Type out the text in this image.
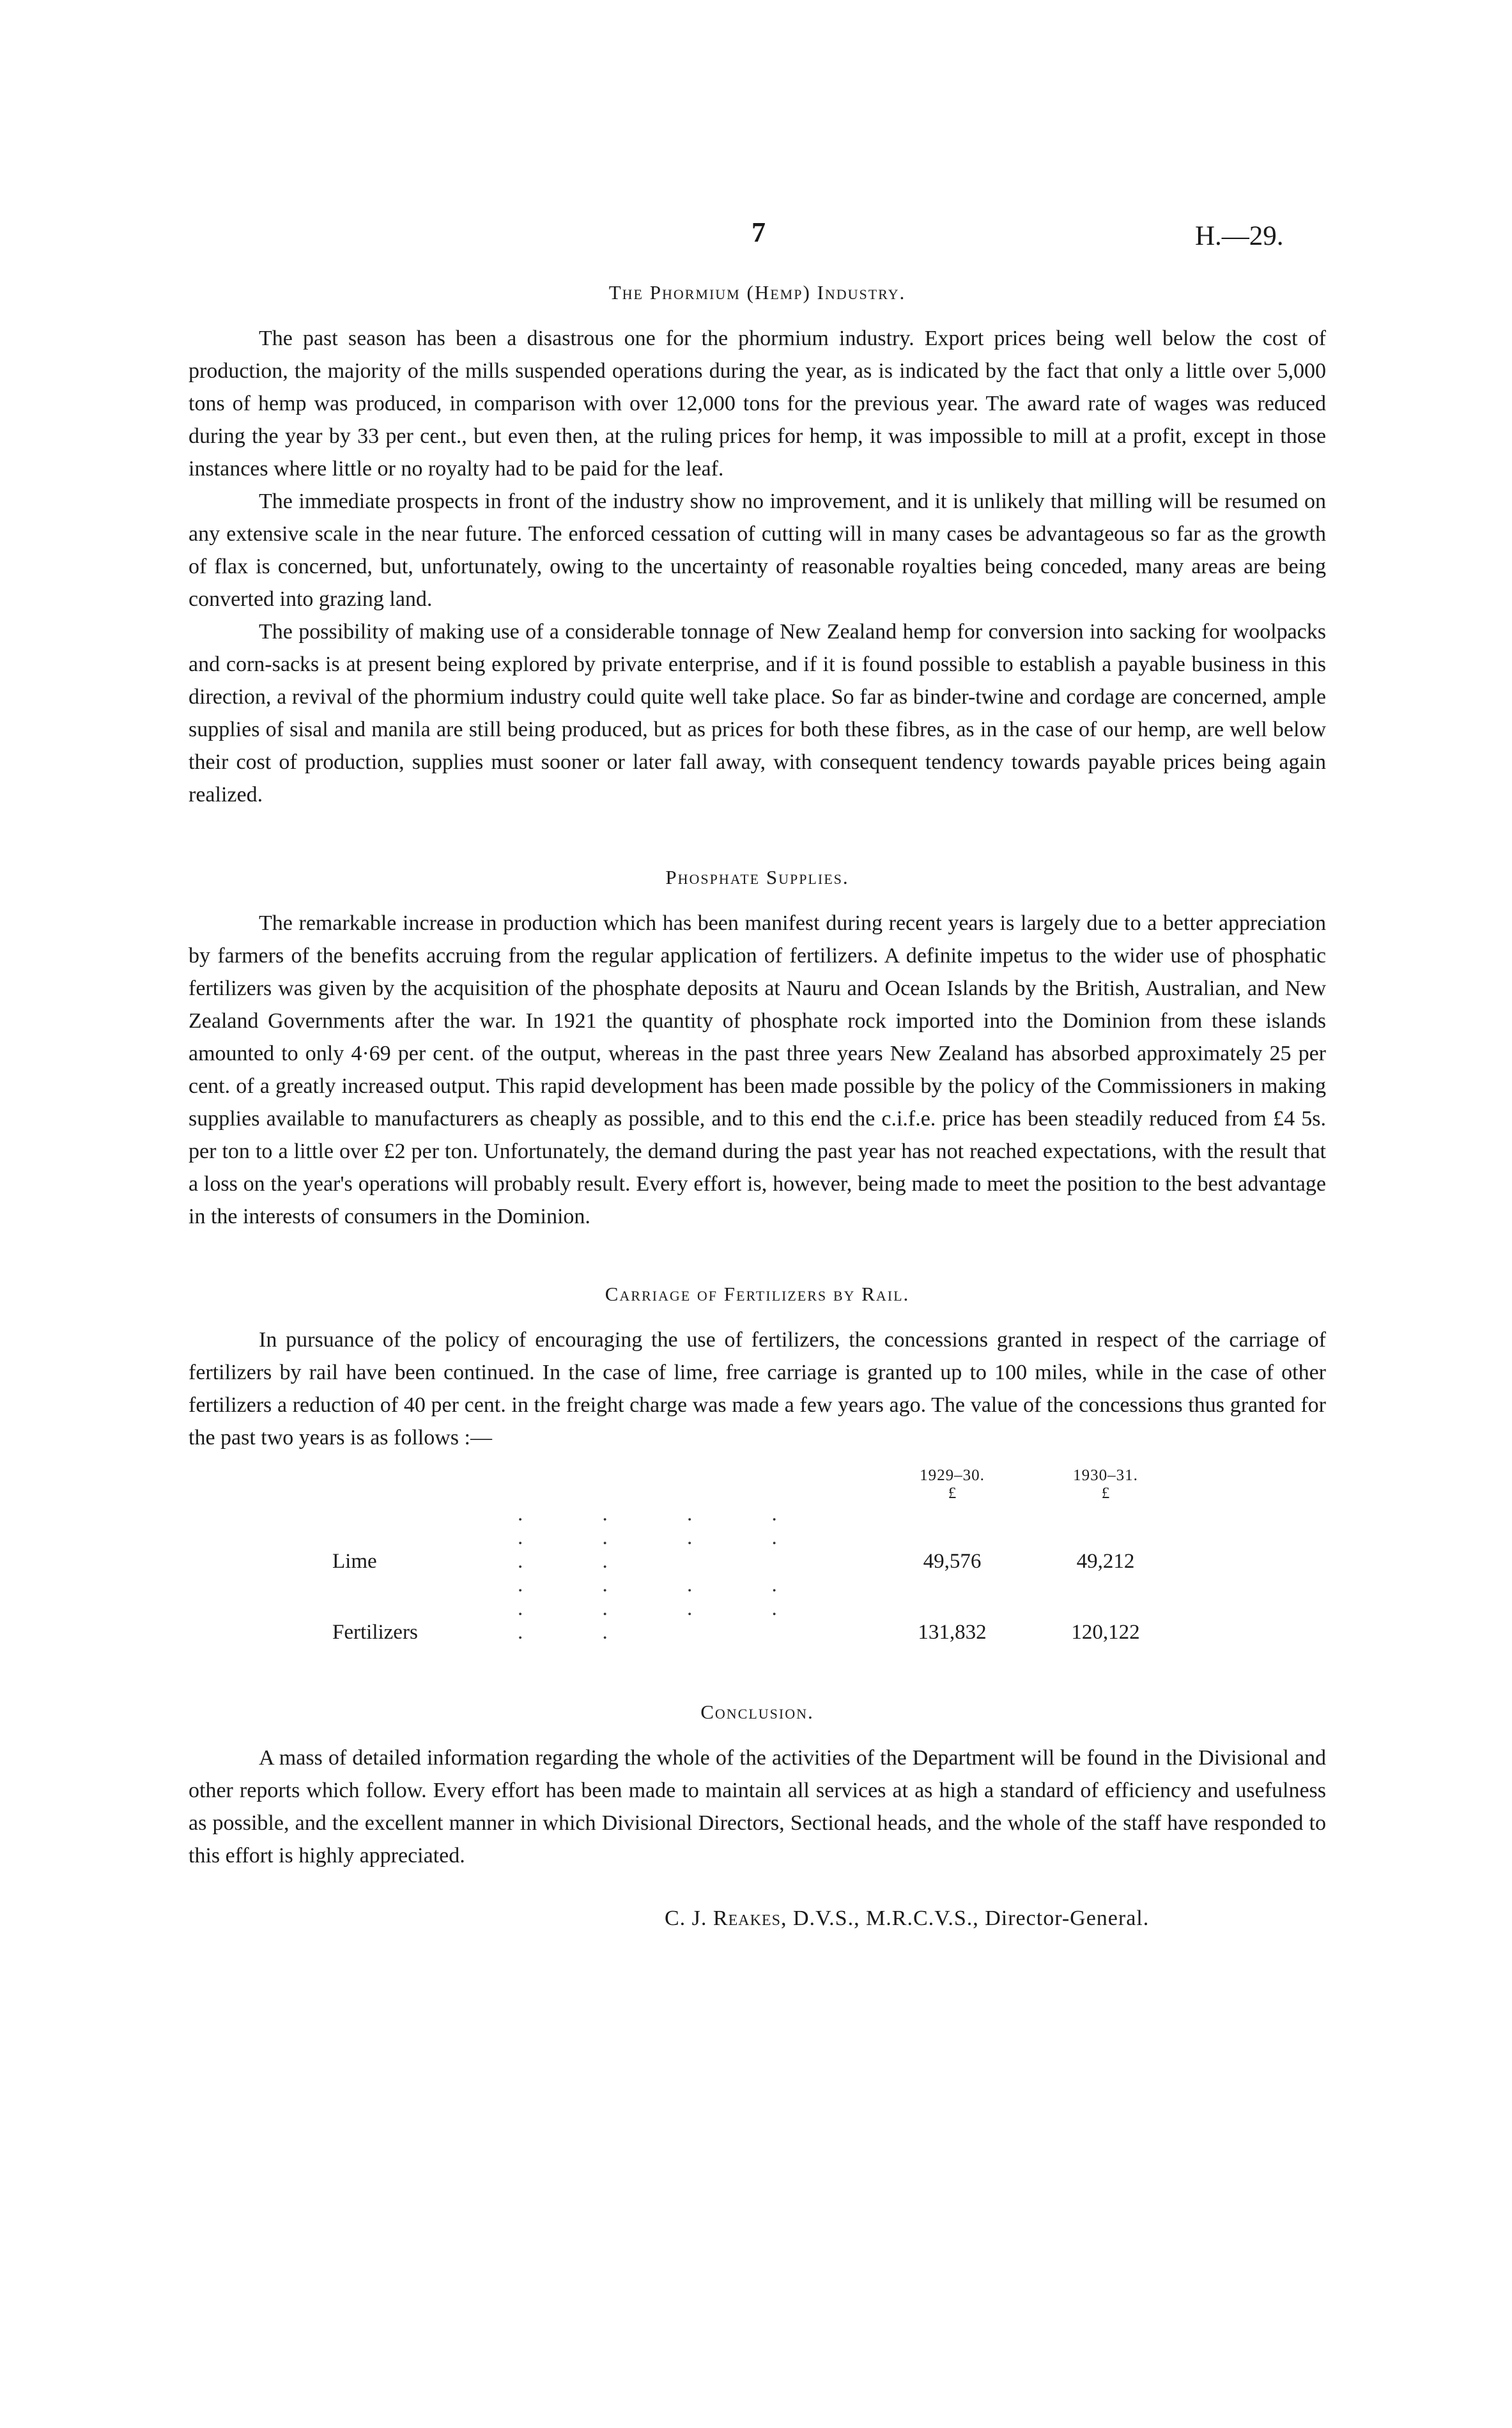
7	H.—29.
The Phormium (Hemp) Industry.

The past season has been a disastrous one for the phormium industry. Export prices being well below the cost of production, the majority of the mills suspended operations during the year, as is indicated by the fact that only a little over 5,000 tons of hemp was produced, in comparison with over 12,000 tons for the previous year. The award rate of wages was reduced during the year by 33 per cent., but even then, at the ruling prices for hemp, it was impossible to mill at a profit, except in those instances where little or no royalty had to be paid for the leaf.

The immediate prospects in front of the industry show no improvement, and it is unlikely that milling will be resumed on any extensive scale in the near future. The enforced cessation of cutting will in many cases be advantageous so far as the growth of flax is concerned, but, unfortunately, owing to the uncertainty of reasonable royalties being conceded, many areas are being converted into grazing land.

The possibility of making use of a considerable tonnage of New Zealand hemp for conversion into sacking for woolpacks and corn-sacks is at present being explored by private enterprise, and if it is found possible to establish a payable business in this direction, a revival of the phormium industry could quite well take place. So far as binder-twine and cordage are concerned, ample supplies of sisal and manila are still being produced, but as prices for both these fibres, as in the case of our hemp, are well below their cost of production, supplies must sooner or later fall away, with consequent tendency towards payable prices being again realized.

Phosphate Supplies.

The remarkable increase in production which has been manifest during recent years is largely due to a better appreciation by farmers of the benefits accruing from the regular application of fertilizers. A definite impetus to the wider use of phosphatic fertilizers was given by the acquisition of the phosphate deposits at Nauru and Ocean Islands by the British, Australian, and New Zealand Governments after the war. In 1921 the quantity of phosphate rock imported into the Dominion from these islands amounted to only 4·69 per cent. of the output, whereas in the past three years New Zealand has absorbed approximately 25 per cent. of a greatly increased output. This rapid development has been made possible by the policy of the Commissioners in making supplies available to manufacturers as cheaply as possible, and to this end the c.i.f.e. price has been steadily reduced from £4 5s. per ton to a little over £2 per ton. Unfortunately, the demand during the past year has not reached expectations, with the result that a loss on the year's operations will probably result. Every effort is, however, being made to meet the position to the best advantage in the interests of consumers in the Dominion.

Carriage of Fertilizers by Rail.

In pursuance of the policy of encouraging the use of fertilizers, the concessions granted in respect of the carriage of fertilizers by rail have been continued. In the case of lime, free carriage is granted up to 100 miles, while in the case of other fertilizers a reduction of 40 per cent. in the freight charge was made a few years ago. The value of the concessions thus granted for the past two years is as follows :—

		1929–30.	1930–31.
		£	£
Lime	. . . . . . . . . .	49,576	49,212
Fertilizers	. . . . . . . . . .	131,832	120,122
Conclusion.

A mass of detailed information regarding the whole of the activities of the Department will be found in the Divisional and other reports which follow. Every effort has been made to maintain all services at as high a standard of efficiency and usefulness as possible, and the excellent manner in which Divisional Directors, Sectional heads, and the whole of the staff have responded to this effort is highly appreciated.

C. J. Reakes, D.V.S., M.R.C.V.S., Director-General.
